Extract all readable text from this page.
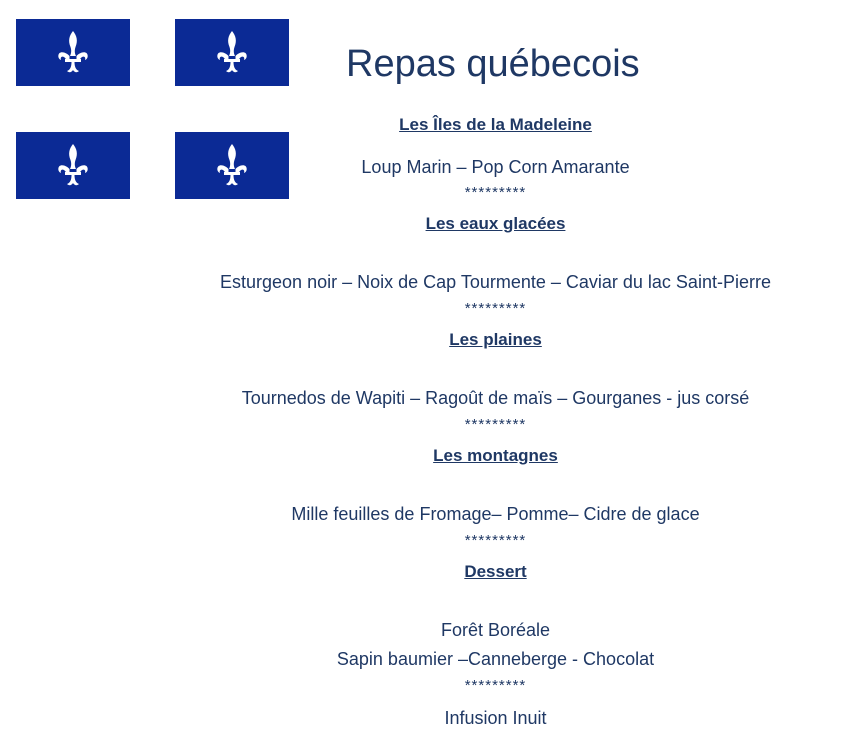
Repas québecois
Les Îles de la Madeleine
Loup Marin – Pop Corn Amarante
*********
Les eaux glacées
Esturgeon noir – Noix de Cap Tourmente – Caviar du lac Saint-Pierre
*********
Les plaines
Tournedos de Wapiti – Ragoût de maïs – Gourganes - jus corsé
*********
Les montagnes
Mille feuilles de Fromage– Pomme– Cidre de glace
*********
Dessert
Forêt Boréale
Sapin baumier –Canneberge - Chocolat
*********
Infusion Inuit
